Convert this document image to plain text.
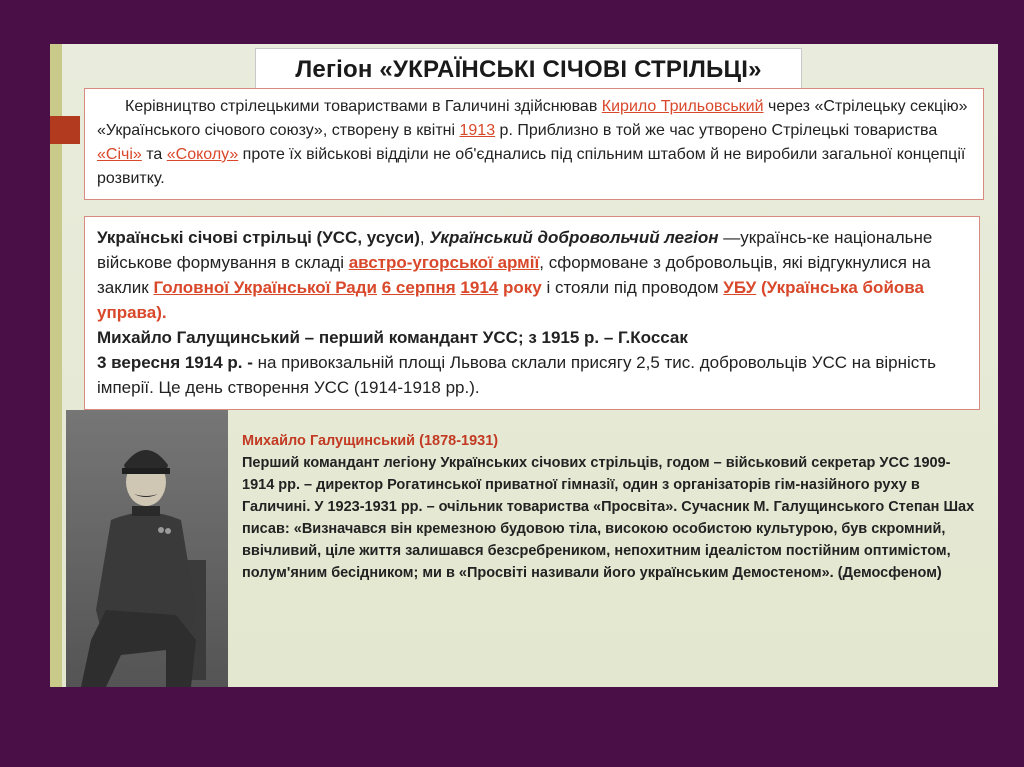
Легіон «УКРАЇНСЬКІ СІЧОВІ СТРІЛЬЦІ»

Керівництво стрілецькими товариствами в Галичині здійснював Кирило Трильовський через «Стрілецьку секцію» «Українського січового союзу», створену в квітні 1913 р. Приблизно в той же час утворено Стрілецькі товариства «Січі» та «Соколу» проте їх військові відділи не об'єднались під спільним штабом й не виробили загальної концепції розвитку.

Українські січові стрільці (УСС, усуси), Український добровольчий легіон —українсь-ке національне військове формування в складі австро-угорської армії, сформоване з добровольців, які відгукнулися на заклик Головної Української Ради 6 серпня 1914 року і стояли під проводом УБУ (Українська бойова управа).

Михайло Галущинський – перший командант УСС; з 1915 р. – Г.Коссак

3 вересня 1914 р. - на привокзальній площі Львова склали присягу 2,5 тис. добровольців УСС на вірність імперії. Це день створення УСС (1914-1918 рр.).

Михайло Галущинський (1878-1931)
Перший командант легіону Українських січових стрільців, годом – військовий секретар УСС 1909-1914 рр. – директор Рогатинської приватної гімназії, один з організаторів гім-назійного руху в Галичині. У 1923-1931 рр. – очільник товариства «Просвіта». Сучасник М. Галущинського Степан Шах писав: «Визначався він кремезною будовою тіла, високою особистою культурою, був скромний, ввічливий, ціле життя залишався безсребреником, непохитним ідеалістом постійним оптимістом, полум'яним бесідником; ми в «Просвіті називали його українським Демостеном». (Демосфеном)
